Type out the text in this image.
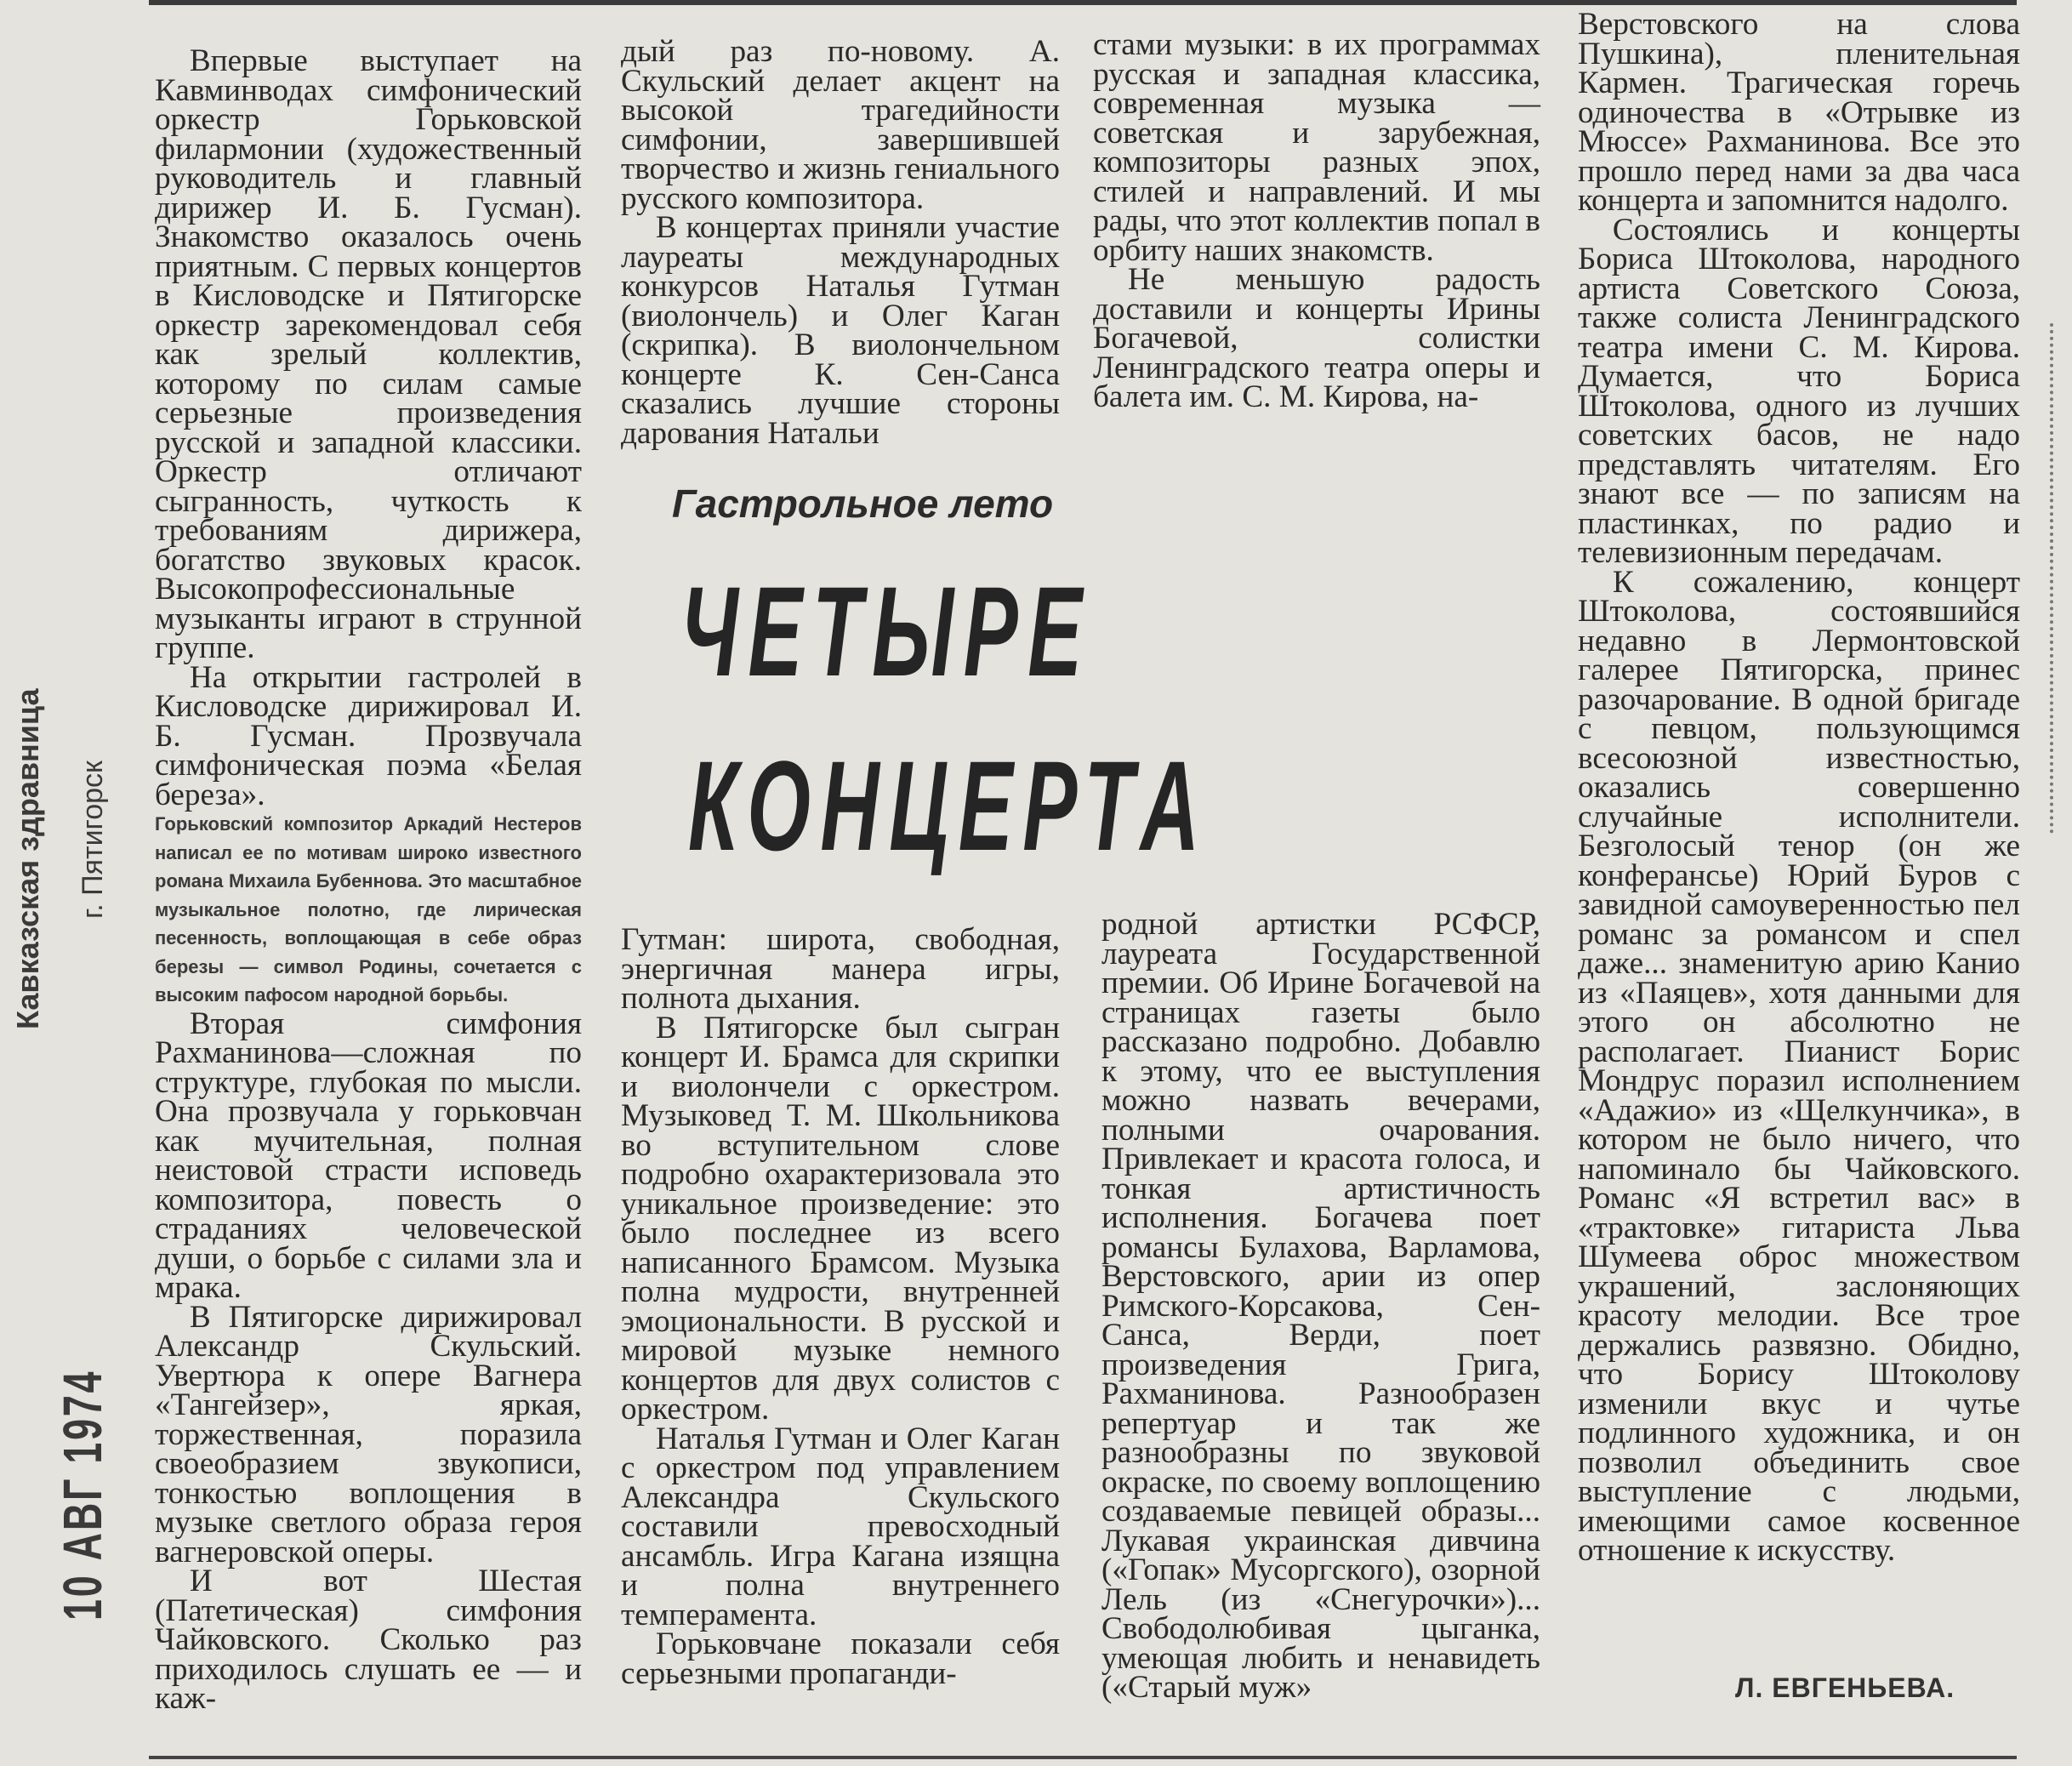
Кавказская здравница г. Пятигорск
10 АВГ 1974

Впервые выступает на Кавминводах симфонический оркестр Горьковской филармонии (художественный руководитель и главный дирижер И. Б. Гусман). Знакомство оказалось очень приятным. С первых концертов в Кисловодске и Пятигорске оркестр зарекомендовал себя как зрелый коллектив, которому по силам самые серьезные произведения русской и западной классики. Оркестр отличают сыгранность, чуткость к требованиям дирижера, богатство звуковых красок. Высокопрофессиональные музыканты играют в струнной группе.

На открытии гастролей в Кисловодске дирижировал И. Б. Гусман. Прозвучала симфоническая поэма «Белая береза».

Горьковский композитор Аркадий Нестеров написал ее по мотивам широко известного романа Михаила Бубеннова. Это масштабное музыкальное полотно, где лирическая песенность, воплощающая в себе образ березы — символ Родины, сочетается с высоким пафосом народной борьбы.

Вторая симфония Рахманинова—сложная по структуре, глубокая по мысли. Она прозвучала у горьковчан как мучительная, полная неистовой страсти исповедь композитора, повесть о страданиях человеческой души, о борьбе с силами зла и мрака.

В Пятигорске дирижировал Александр Скульский. Увертюра к опере Вагнера «Тангейзер», яркая, торжественная, поразила своеобразием звукописи, тонкостью воплощения в музыке светлого образа героя вагнеровской оперы.

И вот Шестая (Патетическая) симфония Чайковского. Сколько раз приходилось слушать ее — и каж-

дый раз по-новому. А. Скульский делает акцент на высокой трагедийности симфонии, завершившей творчество и жизнь гениального русского композитора.

В концертах приняли участие лауреаты международных конкурсов Наталья Гутман (виолончель) и Олег Каган (скрипка). В виолончельном концерте К. Сен-Санса сказались лучшие стороны дарования Натальи

стами музыки: в их программах русская и западная классика, современная музыка — советская и зарубежная, композиторы разных эпох, стилей и направлений. И мы рады, что этот коллектив попал в орбиту наших знакомств.

Не меньшую радость доставили и концерты Ирины Богачевой, солистки Ленинградского театра оперы и балета им. С. М. Кирова, на-

Гастрольное лето
ЧЕТЫРЕ
КОНЦЕРТА

Гутман: широта, свободная, энергичная манера игры, полнота дыхания.

В Пятигорске был сыгран концерт И. Брамса для скрипки и виолончели с оркестром. Музыковед Т. М. Школьникова во вступительном слове подробно охарактеризовала это уникальное произведение: это было последнее из всего написанного Брамсом. Музыка полна мудрости, внутренней эмоциональности. В русской и мировой музыке немного концертов для двух солистов с оркестром.

Наталья Гутман и Олег Каган с оркестром под управлением Александра Скульского составили превосходный ансамбль. Игра Кагана изящна и полна внутреннего темперамента.

Горьковчане показали себя серьезными пропаганди-

родной артистки РСФСР, лауреата Государственной премии. Об Ирине Богачевой на страницах газеты было рассказано подробно. Добавлю к этому, что ее выступления можно назвать вечерами, полными очарования. Привлекает и красота голоса, и тонкая артистичность исполнения. Богачева поет романсы Булахова, Варламова, Верстовского, арии из опер Римского-Корсакова, Сен-Санса, Верди, поет произведения Грига, Рахманинова. Разнообразен репертуар и так же разнообразны по звуковой окраске, по своему воплощению создаваемые певицей образы... Лукавая украинская дивчина («Гопак» Мусоргского), озорной Лель (из «Снегурочки»)... Свободолюбивая цыганка, умеющая любить и ненавидеть («Старый муж»

Верстовского на слова Пушкина), пленительная Кармен. Трагическая горечь одиночества в «Отрывке из Мюссе» Рахманинова. Все это прошло перед нами за два часа концерта и запомнится надолго.

Состоялись и концерты Бориса Штоколова, народного артиста Советского Союза, также солиста Ленинградского театра имени С. М. Кирова. Думается, что Бориса Штоколова, одного из лучших советских басов, не надо представлять читателям. Его знают все — по записям на пластинках, по радио и телевизионным передачам.

К сожалению, концерт Штоколова, состоявшийся недавно в Лермонтовской галерее Пятигорска, принес разочарование. В одной бригаде с певцом, пользующимся всесоюзной известностью, оказались совершенно случайные исполнители. Безголосый тенор (он же конферансье) Юрий Буров с завидной самоуверенностью пел романс за романсом и спел даже... знаменитую арию Канио из «Паяцев», хотя данными для этого он абсолютно не располагает. Пианист Борис Мондрус поразил исполнением «Адажио» из «Щелкунчика», в котором не было ничего, что напоминало бы Чайковского. Романс «Я встретил вас» в «трактовке» гитариста Льва Шумеева оброс множеством украшений, заслоняющих красоту мелодии. Все трое держались развязно. Обидно, что Борису Штоколову изменили вкус и чутье подлинного художника, и он позволил объединить свое выступление с людьми, имеющими самое косвенное отношение к искусству.

Л. ЕВГЕНЬЕВА.
